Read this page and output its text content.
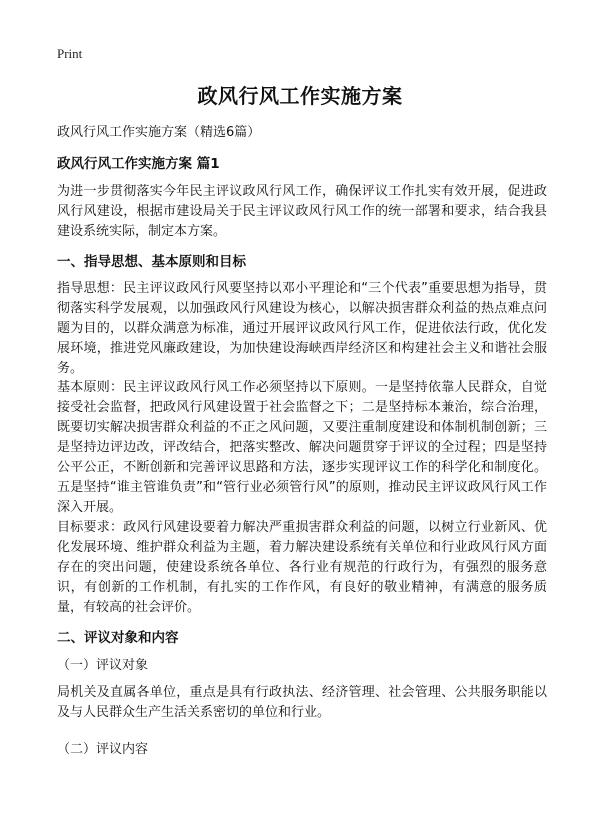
Print
政风行风工作实施方案
政风行风工作实施方案（精选6篇）
政风行风工作实施方案 篇1

为进一步贯彻落实今年民主评议政风行风工作，确保评议工作扎实有效开展，促进政风行风建设，根据市建设局关于民主评议政风行风工作的统一部署和要求，结合我县建设系统实际，制定本方案。

一、指导思想、基本原则和目标

指导思想：民主评议政风行风要坚持以邓小平理论和“三个代表”重要思想为指导，贯彻落实科学发展观，以加强政风行风建设为核心，以解决损害群众利益的热点难点问题为目的，以群众满意为标准，通过开展评议政风行风工作，促进依法行政，优化发展环境，推进党风廉政建设，为加快建设海峡西岸经济区和构建社会主义和谐社会服务。

基本原则：民主评议政风行风工作必须坚持以下原则。一是坚持依靠人民群众，自觉接受社会监督，把政风行风建设置于社会监督之下；二是坚持标本兼治，综合治理，既要切实解决损害群众利益的不正之风问题，又要注重制度建设和体制机制创新；三是坚持边评边改，评改结合，把落实整改、解决问题贯穿于评议的全过程；四是坚持公平公正，不断创新和完善评议思路和方法，逐步实现评议工作的科学化和制度化。五是坚持“谁主管谁负责”和“管行业必须管行风”的原则，推动民主评议政风行风工作深入开展。

目标要求：政风行风建设要着力解决严重损害群众利益的问题，以树立行业新风、优化发展环境、维护群众利益为主题，着力解决建设系统有关单位和行业政风行风方面存在的突出问题，使建设系统各单位、各行业有规范的行政行为，有强烈的服务意识，有创新的工作机制，有扎实的工作作风，有良好的敬业精神，有满意的服务质量，有较高的社会评价。

二、评议对象和内容
（一）评议对象

局机关及直属各单位，重点是具有行政执法、经济管理、社会管理、公共服务职能以及与人民群众生产生活关系密切的单位和行业。

（二）评议内容
